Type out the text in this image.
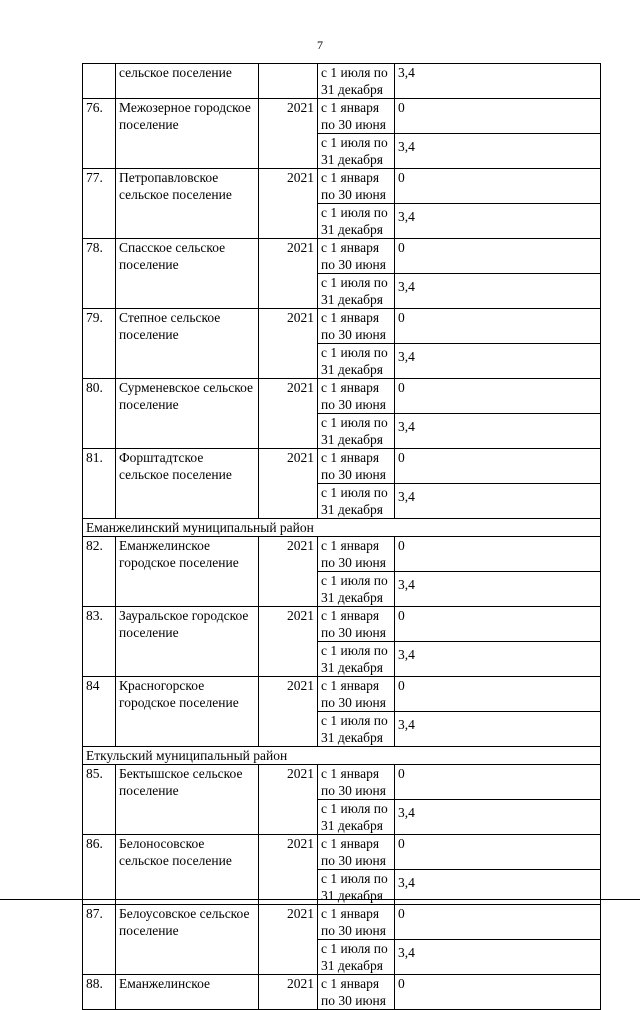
7
	сельское поселение		с 1 июля по 31 декабря	3,4
76.	Межозерное городское поселение	2021	с 1 января по 30 июня	0
			с 1 июля по 31 декабря	3,4
77.	Петропавловское сельское поселение	2021	с 1 января по 30 июня	0
			с 1 июля по 31 декабря	3,4
78.	Спасское сельское поселение	2021	с 1 января по 30 июня	0
			с 1 июля по 31 декабря	3,4
79.	Степное сельское поселение	2021	с 1 января по 30 июня	0
			с 1 июля по 31 декабря	3,4
80.	Сурменевское сельское поселение	2021	с 1 января по 30 июня	0
			с 1 июля по 31 декабря	3,4
81.	Форштадтское сельское поселение	2021	с 1 января по 30 июня	0
			с 1 июля по 31 декабря	3,4
Еманжелинский муниципальный район				
82.	Еманжелинское городское поселение	2021	с 1 января по 30 июня	0
			с 1 июля по 31 декабря	3,4
83.	Зауральское городское поселение	2021	с 1 января по 30 июня	0
			с 1 июля по 31 декабря	3,4
84	Красногорское городское поселение	2021	с 1 января по 30 июня	0
			с 1 июля по 31 декабря	3,4
Еткульский муниципальный район				
85.	Бектышское сельское поселение	2021	с 1 января по 30 июня	0
			с 1 июля по 31 декабря	3,4
86.	Белоносовское сельское поселение	2021	с 1 января по 30 июня	0
			с 1 июля по 31 декабря	3,4
87.	Белоусовское сельское поселение	2021	с 1 января по 30 июня	0
			с 1 июля по 31 декабря	3,4
88.	Еманжелинское	2021	с 1 января по 30 июня	0
